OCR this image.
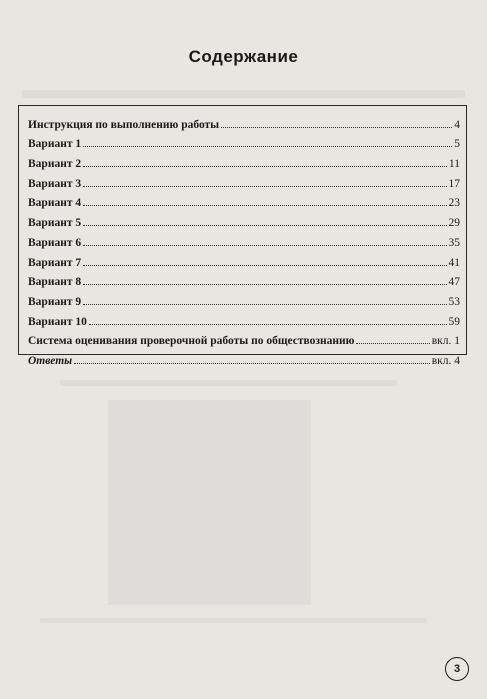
Содержание
Инструкция по выполнению работы	4
Вариант 1	5
Вариант 2	11
Вариант 3	17
Вариант 4	23
Вариант 5	29
Вариант 6	35
Вариант 7	41
Вариант 8	47
Вариант 9	53
Вариант 10	59
Система оценивания проверочной работы по обществознанию	вкл. 1
Ответы	вкл. 4
3
